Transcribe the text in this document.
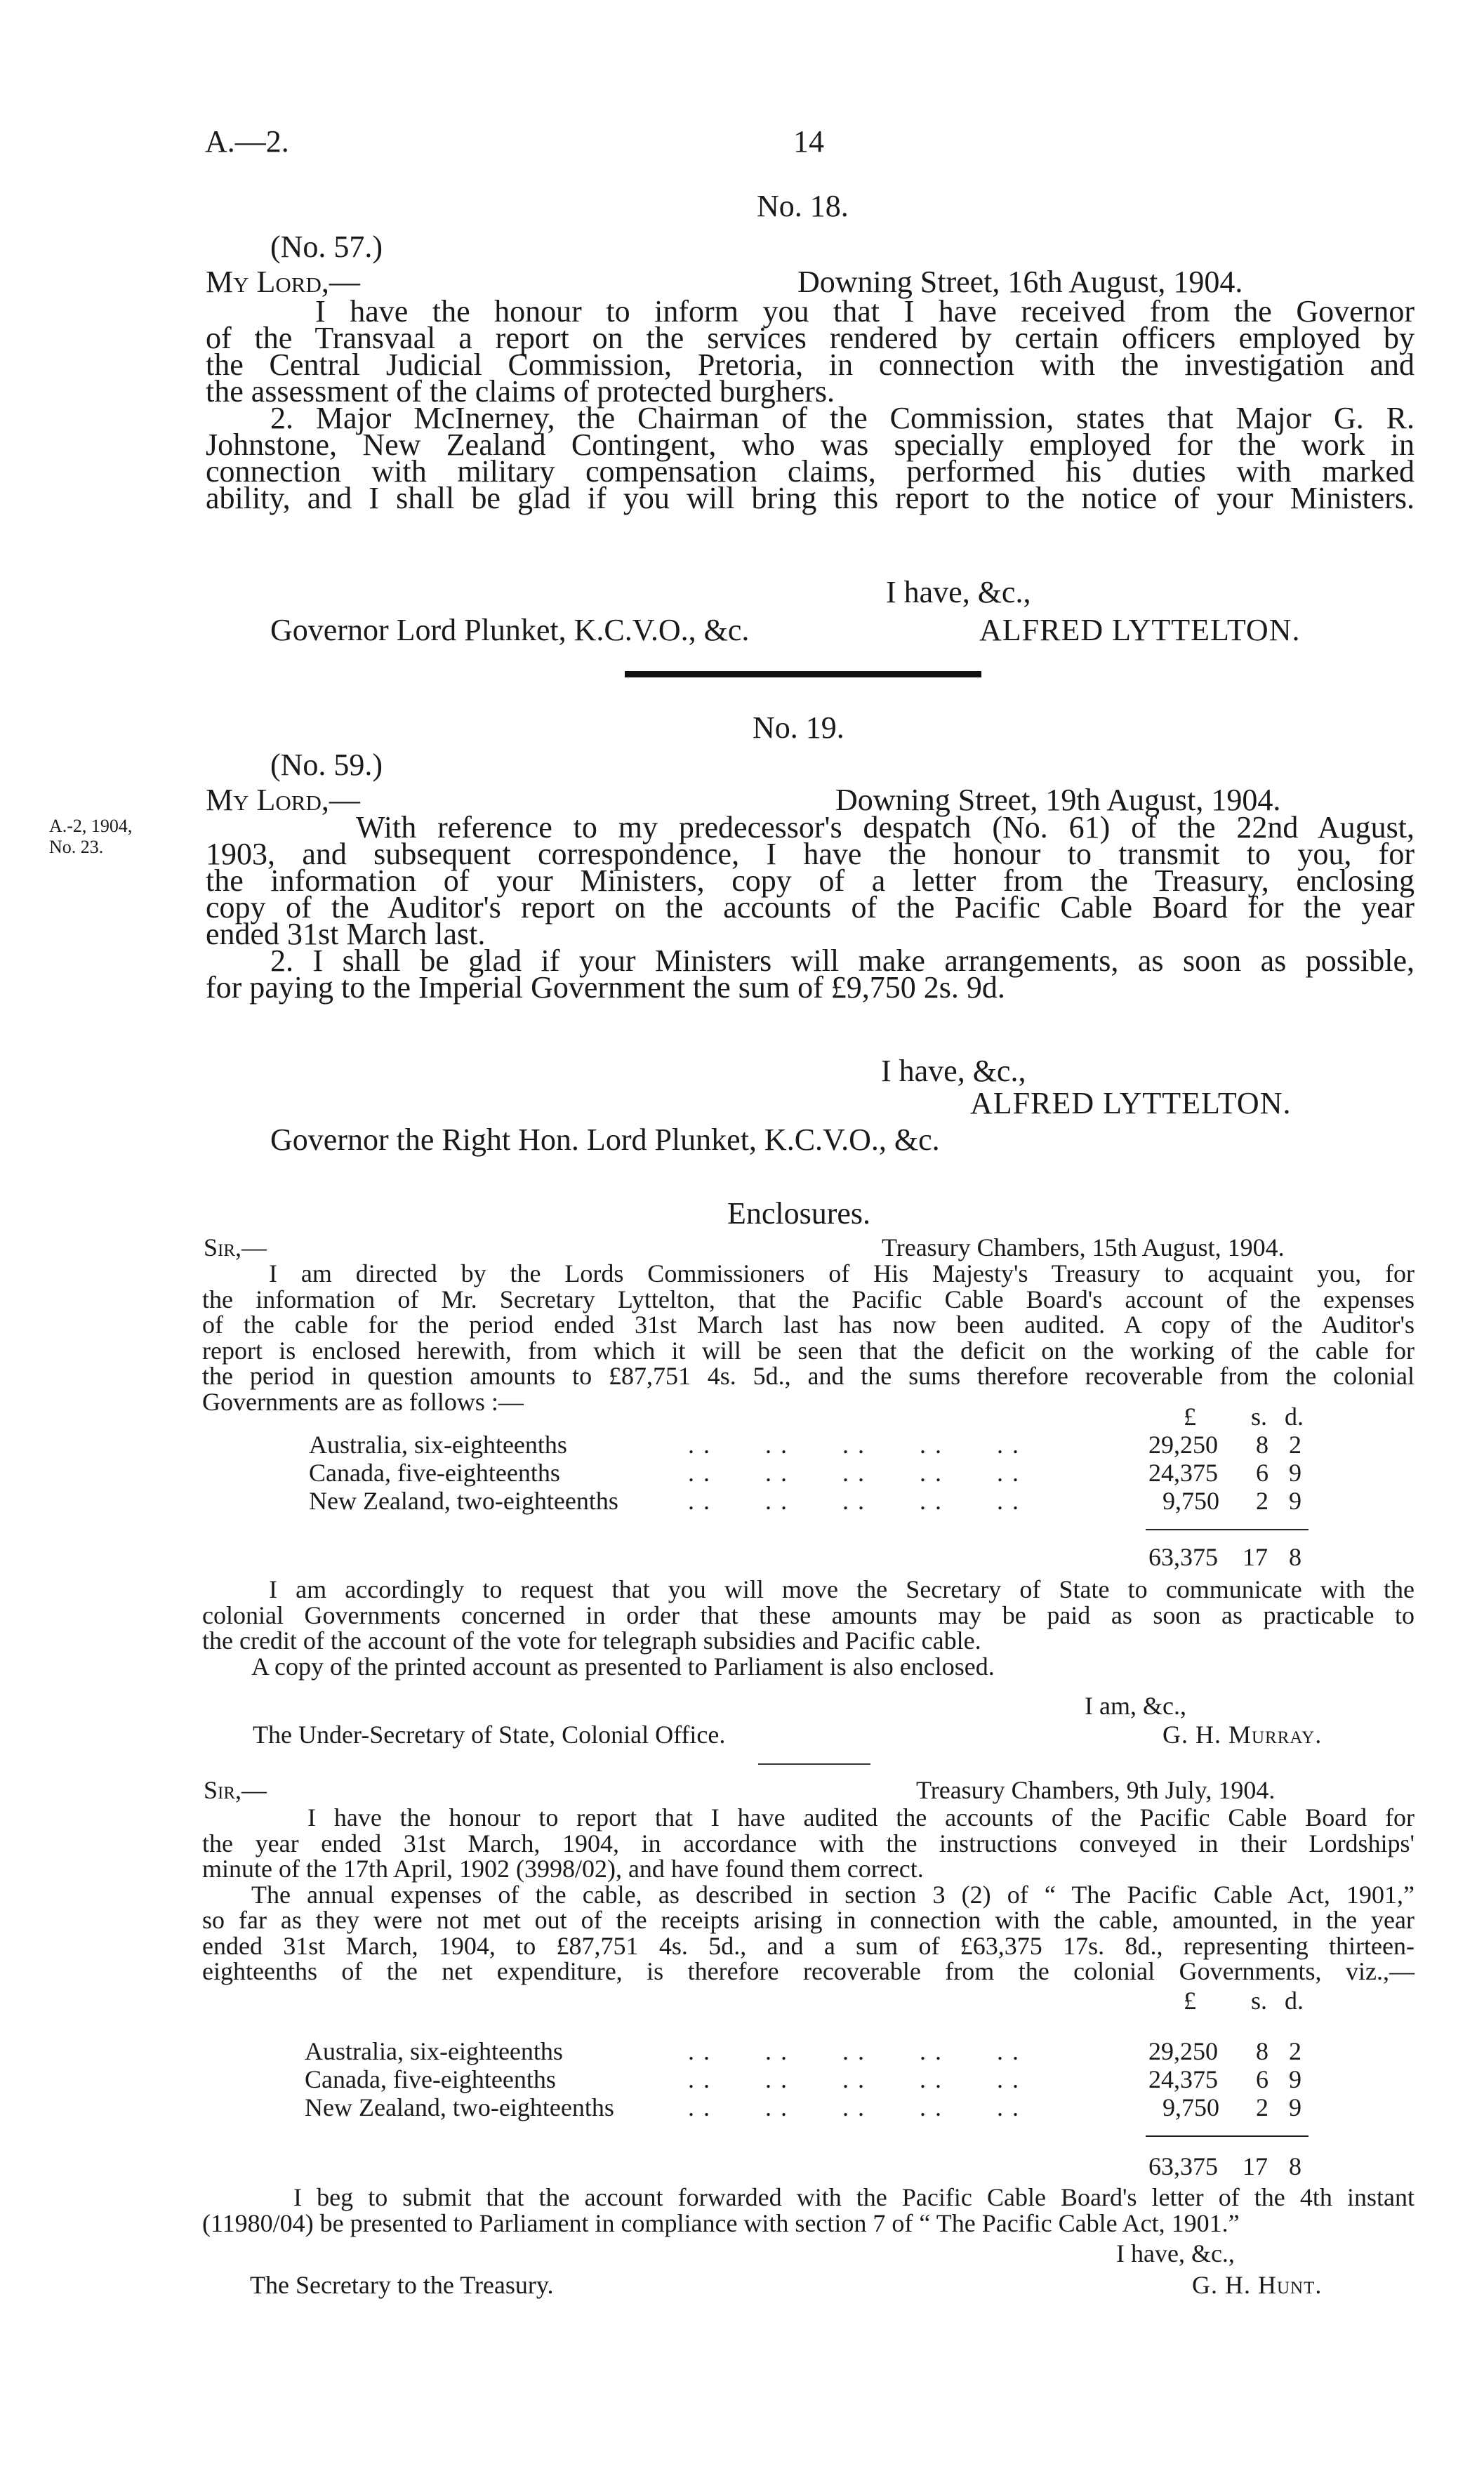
A.—2.	14
No. 18.
(No. 57.)
My Lord,—	Downing Street, 16th August, 1904.
I have the honour to inform you that I have received from the Governor
of the Transvaal a report on the services rendered by certain officers employed by
the Central Judicial Commission, Pretoria, in connection with the investigation and
the assessment of the claims of protected burghers.
2. Major McInerney, the Chairman of the Commission, states that Major G. R.
Johnstone, New Zealand Contingent, who was specially employed for the work in
connection with military compensation claims, performed his duties with marked
ability, and I shall be glad if you will bring this report to the notice of your Ministers.
I have, &c.,
Governor Lord Plunket, K.C.V.O., &c.	ALFRED LYTTELTON.
No. 19.
(No. 59.)
My Lord,—	Downing Street, 19th August, 1904.
A.-2, 1904,
No. 23.
With reference to my predecessor's despatch (No. 61) of the 22nd August,
1903, and subsequent correspondence, I have the honour to transmit to you, for
the information of your Ministers, copy of a letter from the Treasury, enclosing
copy of the Auditor's report on the accounts of the Pacific Cable Board for the year
ended 31st March last.
2. I shall be glad if your Ministers will make arrangements, as soon as possible,
for paying to the Imperial Government the sum of £9,750 2s. 9d.
I have, &c.,
ALFRED LYTTELTON.
Governor the Right Hon. Lord Plunket, K.C.V.O., &c.
Enclosures.
Sir,—	Treasury Chambers, 15th August, 1904.
I am directed by the Lords Commissioners of His Majesty's Treasury to acquaint you, for
the information of Mr. Secretary Lyttelton, that the Pacific Cable Board's account of the expenses
of the cable for the period ended 31st March last has now been audited. A copy of the Auditor's
report is enclosed herewith, from which it will be seen that the deficit on the working of the cable for
the period in question amounts to £87,751 4s. 5d., and the sums therefore recoverable from the colonial
Governments are as follows :—
£ s. d.
Australia, six-eighteenths	. .       . .       . .       . .       . .	29,250 8 2
Canada, five-eighteenths	. .       . .       . .       . .       . .	24,375 6 9
New Zealand, two-eighteenths	. .       . .       . .       . .       . .	9,750 2 9
63,375 17 8
I am accordingly to request that you will move the Secretary of State to communicate with the
colonial Governments concerned in order that these amounts may be paid as soon as practicable to
the credit of the account of the vote for telegraph subsidies and Pacific cable.
A copy of the printed account as presented to Parliament is also enclosed.
I am, &c.,
The Under-Secretary of State, Colonial Office.	G. H. Murray.
Sir,—	Treasury Chambers, 9th July, 1904.
I have the honour to report that I have audited the accounts of the Pacific Cable Board for
the year ended 31st March, 1904, in accordance with the instructions conveyed in their Lordships'
minute of the 17th April, 1902 (3998/02), and have found them correct.
The annual expenses of the cable, as described in section 3 (2) of “ The Pacific Cable Act, 1901,”
so far as they were not met out of the receipts arising in connection with the cable, amounted, in the year
ended 31st March, 1904, to £87,751 4s. 5d., and a sum of £63,375 17s. 8d., representing thirteen-
eighteenths of the net expenditure, is therefore recoverable from the colonial Governments, viz.,—
£ s. d.
Australia, six-eighteenths	. .       . .       . .       . .       . .	29,250 8 2
Canada, five-eighteenths	. .       . .       . .       . .       . .	24,375 6 9
New Zealand, two-eighteenths	. .       . .       . .       . .       . .	9,750 2 9
63,375 17 8
I beg to submit that the account forwarded with the Pacific Cable Board's letter of the 4th instant
(11980/04) be presented to Parliament in compliance with section 7 of “ The Pacific Cable Act, 1901.”
I have, &c.,
The Secretary to the Treasury.	G. H. Hunt.
